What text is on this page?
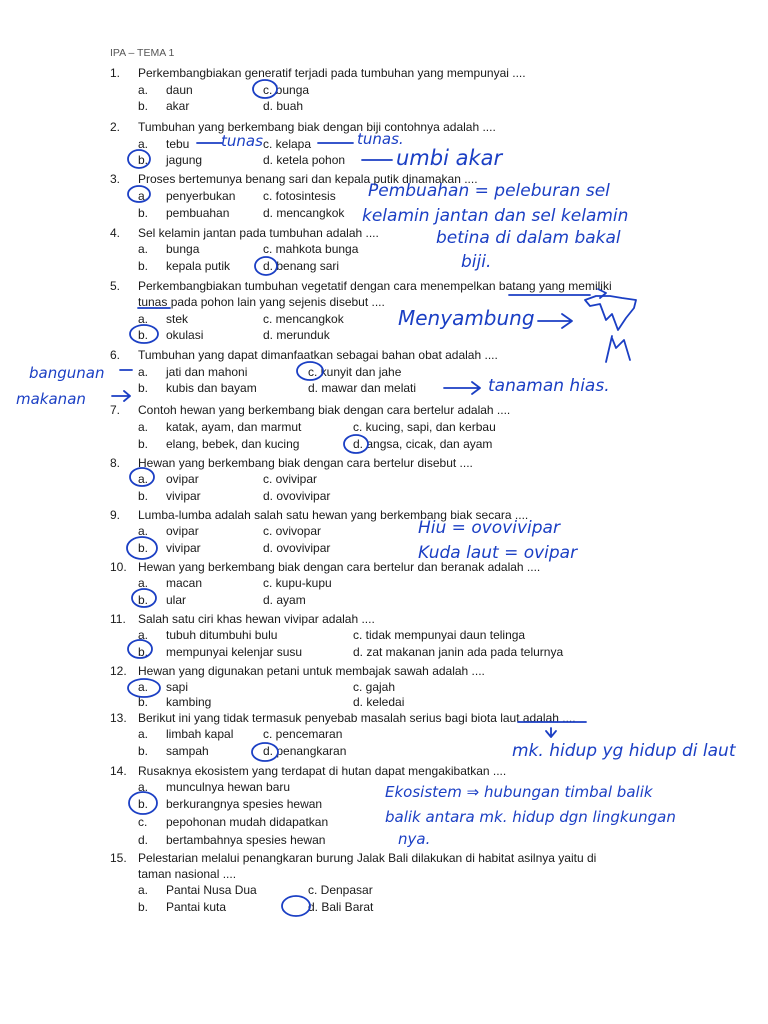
IPA – TEMA 1
1. Perkembangbiakan generatif terjadi pada tumbuhan yang mempunyai ....
a. daun	c. bunga
b. akar	d. buah
2. Tumbuhan yang berkembang biak dengan biji contohnya adalah ....
a. tebu	c. kelapa
b. jagung	d. ketela pohon
3. Proses bertemunya benang sari dan kepala putik dinamakan ....
a. penyerbukan c. fotosintesis
b. pembuahan	d. mencangkok
4. Sel kelamin jantan pada tumbuhan adalah ....
a. bunga	c. mahkota bunga
b. kepala putik	d. benang sari
5. Perkembangbiakan tumbuhan vegetatif dengan cara menempelkan batang yang memiliki
tunas pada pohon lain yang sejenis disebut ....
a. stek	c. mencangkok
b. okulasi	d. merunduk
6. Tumbuhan yang dapat dimanfaatkan sebagai bahan obat adalah ....
a. jati dan mahoni	c. kunyit dan jahe
b. kubis dan bayam	d. mawar dan melati
7. Contoh hewan yang berkembang biak dengan cara bertelur adalah ....
a. katak, ayam, dan marmut	c. kucing, sapi, dan kerbau
b. elang, bebek, dan kucing	d. angsa, cicak, dan ayam
8. Hewan yang berkembang biak dengan cara bertelur disebut ....
a. ovipar	c. ovivipar
b. vivipar	d. ovovivipar
9. Lumba-lumba adalah salah satu hewan yang berkembang biak secara ....
a. ovipar	c. ovivopar
b. vivipar	d. ovovivipar
10. Hewan yang berkembang biak dengan cara bertelur dan beranak adalah ....
a. macan	c. kupu-kupu
b. ular	d. ayam
11. Salah satu ciri khas hewan vivipar adalah ....
a. tubuh ditumbuhi bulu	c. tidak mempunyai daun telinga
b. mempunyai kelenjar susu	d. zat makanan janin ada pada telurnya
12. Hewan yang digunakan petani untuk membajak sawah adalah ....
a. sapi	c. gajah
b. kambing	d. keledai
13. Berikut ini yang tidak termasuk penyebab masalah serius bagi biota laut adalah ....
a. limbah kapal c. pencemaran
b. sampah	d. penangkaran
14. Rusaknya ekosistem yang terdapat di hutan dapat mengakibatkan ....
a. munculnya hewan baru
b. berkurangnya spesies hewan
c. pepohonan mudah didapatkan
d. bertambahnya spesies hewan
15. Pelestarian melalui penangkaran burung Jalak Bali dilakukan di habitat asilnya yaitu di
taman nasional ....
a. Pantai Nusa Dua	c. Denpasar
b. Pantai kuta	d. Bali Barat
tunas	tunas.
umbi akar
Pembuahan = peleburan sel
kelamin jantan dan sel kelamin
betina di dalam bakal
biji.
Menyambung
bangunan
makanan
tanaman hias.
Hiu = ovovivipar
Kuda laut = ovipar
mk. hidup yg hidup di laut
Ekosistem ⇒ hubungan timbal balik
balik antara mk. hidup dgn lingkungan
nya.
